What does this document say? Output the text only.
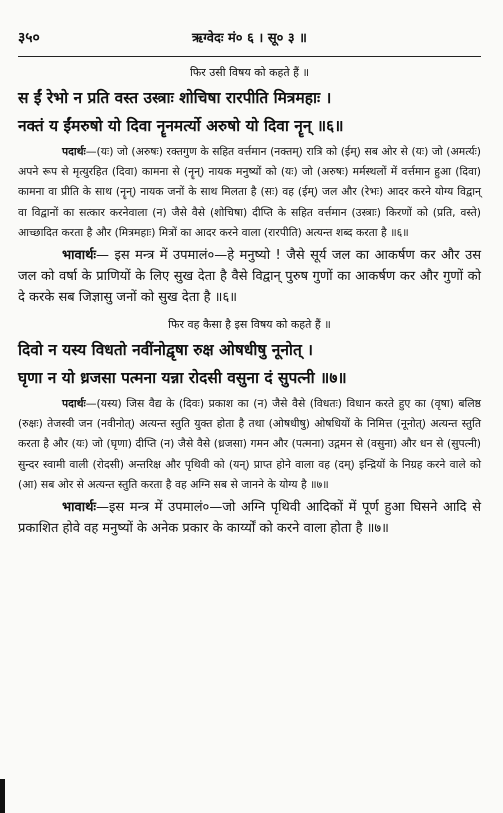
३५०	ऋग्वेदः मं० ६ । सू० ३ ॥
फिर उसी विषय को कहते हैं ॥

स ईं रेभो न प्रति वस्त उस्त्राः शोचिषा रारपीति मित्रमहाः ।

नक्तं य ईंमरुषो यो दिवा नॄनमर्त्यो अरुषो यो दिवा नॄन् ॥६॥

पदार्थः—(यः) जो (अरुषः) रक्तगुण के सहित वर्त्तमान (नक्तम्) रात्रि को (ईम्) सब ओर से (यः) जो (अमर्त्यः) अपने रूप से मृत्युरहित (दिवा) कामना से (नॄन्) नायक मनुष्यों को (यः) जो (अरुषः) मर्मस्थलों में वर्त्तमान हुआ (दिवा) कामना वा प्रीति के साथ (नॄन्) नायक जनों के साथ मिलता है (सः) वह (ईम्) जल और (रेभः) आदर करने योग्य विद्वान् वा विद्वानों का सत्कार करनेवाला (न) जैसे वैसे (शोचिषा) दीप्ति के सहित वर्त्तमान (उस्त्राः) किरणों को (प्रति, वस्ते) आच्छादित करता है और (मित्रमहाः) मित्रों का आदर करने वाला (रारपीति) अत्यन्त शब्द करता है ॥६॥

भावार्थः— इस मन्त्र में उपमालं०—हे मनुष्यो ! जैसे सूर्य जल का आकर्षण कर और उस जल को वर्षा के प्राणियों के लिए सुख देता है वैसे विद्वान् पुरुष गुणों का आकर्षण कर और गुणों को दे करके सब जिज्ञासु जनों को सुख देता है ॥६॥

फिर वह कैसा है इस विषय को कहते हैं ॥

दिवो न यस्य विधतो नवींनोद्वृषा रुक्ष ओषधीषु नूनोत् ।

घृणा न यो ध्रजसा पत्मना यन्ना रोदसी वसुना दं सुपत्नी ॥७॥

पदार्थः—(यस्य) जिस वैद्य के (दिवः) प्रकाश का (न) जैसे वैसे (विधतः) विधान करते हुए का (वृषा) बलिष्ठ (रुक्षः) तेजस्वी जन (नवीनोत्) अत्यन्त स्तुति युक्त होता है तथा (ओषधीषु) ओषधियों के निमित्त (नूनोत्) अत्यन्त स्तुति करता है और (यः) जो (घृणा) दीप्ति (न) जैसे वैसे (ध्रजसा) गमन और (पत्मना) उद्गमन से (वसुना) और धन से (सुपत्नी) सुन्दर स्वामी वाली (रोदसी) अन्तरिक्ष और पृथिवी को (यन्) प्राप्त होने वाला वह (दम्) इन्द्रियों के निग्रह करने वाले को (आ) सब ओर से अत्यन्त स्तुति करता है वह अग्नि सब से जानने के योग्य है ॥७॥

भावार्थः—इस मन्त्र में उपमालं०—जो अग्नि पृथिवी आदिकों में पूर्ण हुआ घिसने आदि से प्रकाशित होवे वह मनुष्यों के अनेक प्रकार के कार्य्यों को करने वाला होता है ॥७॥
